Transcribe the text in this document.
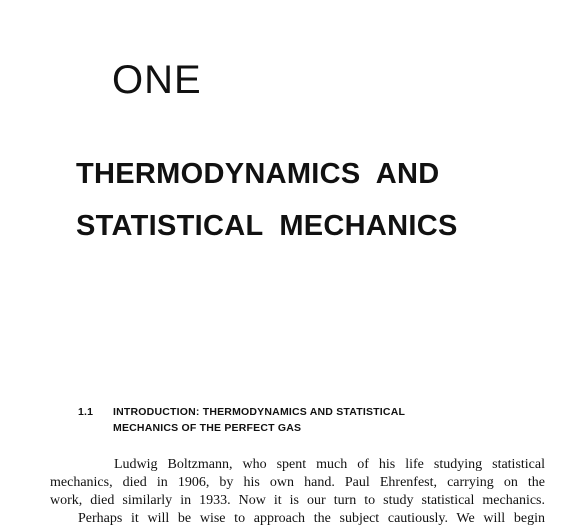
ONE
THERMODYNAMICS AND
STATISTICAL MECHANICS
1.1 INTRODUCTION: THERMODYNAMICS AND STATISTICAL
MECHANICS OF THE PERFECT GAS
Ludwig Boltzmann, who spent much of his life studying statistical
mechanics, died in 1906, by his own hand. Paul Ehrenfest, carrying on the
work, died similarly in 1933. Now it is our turn to study statistical mechanics.
Perhaps it will be wise to approach the subject cautiously. We will begin
